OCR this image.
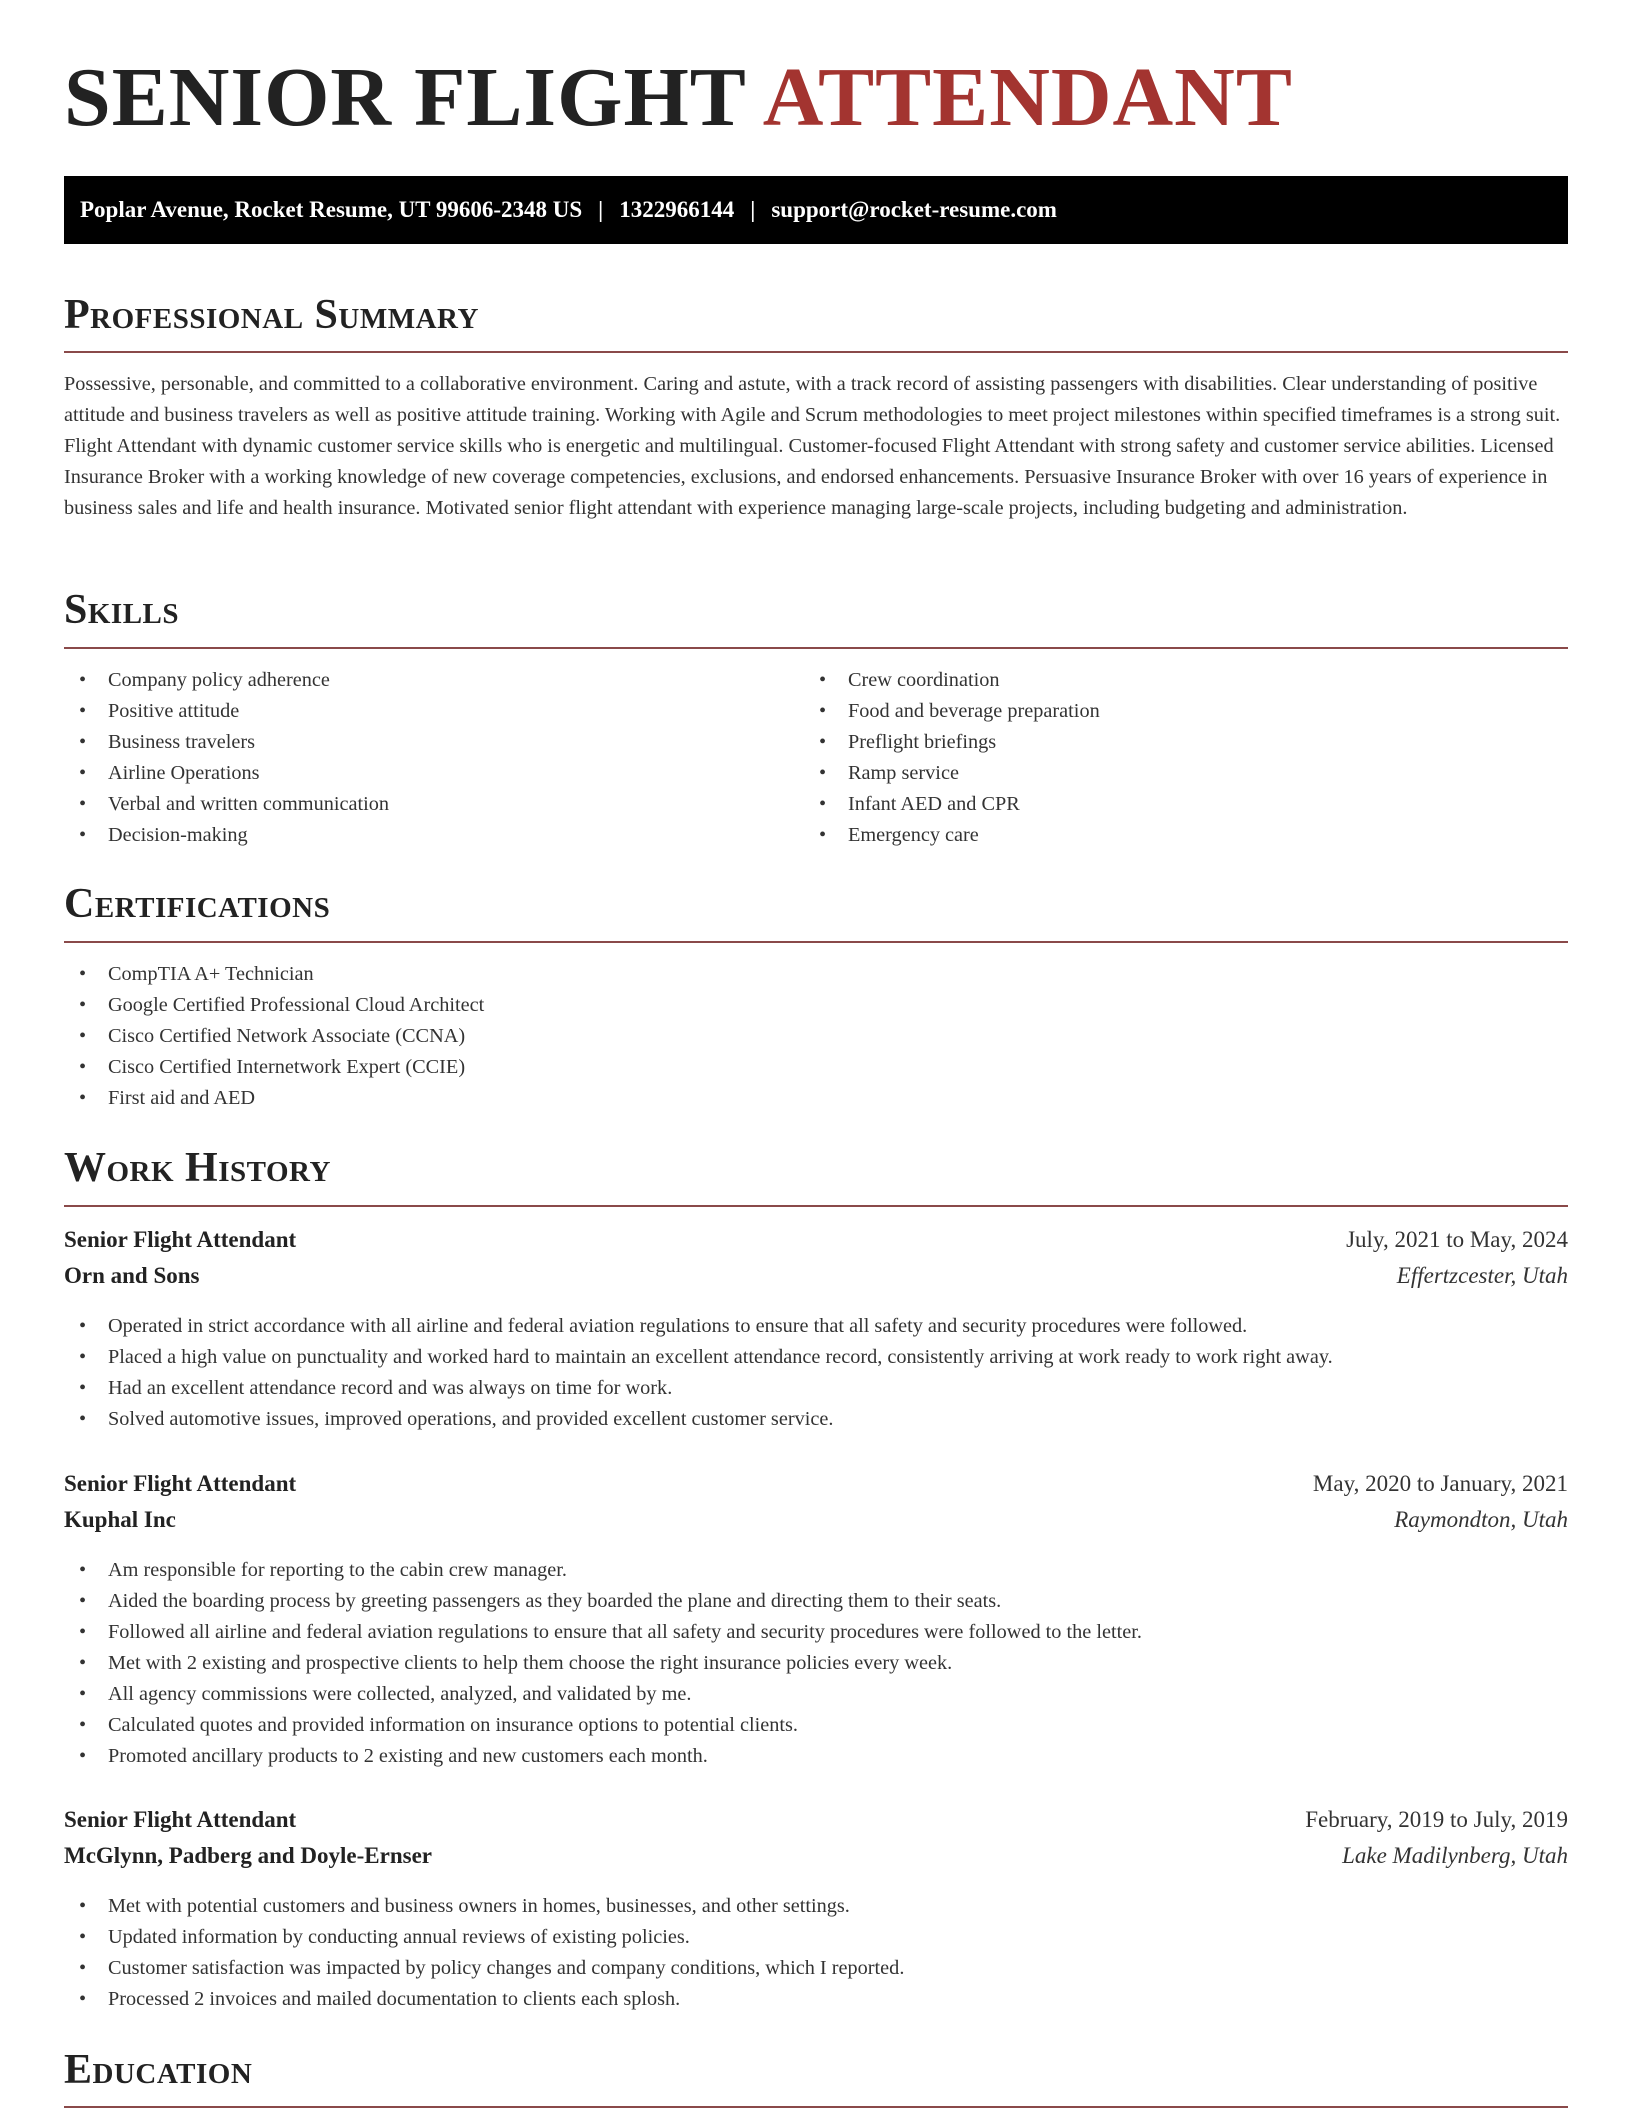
SENIOR FLIGHT ATTENDANT
Poplar Avenue, Rocket Resume, UT 99606-2348 US | 1322966144 | support@rocket-resume.com
Professional Summary

Possessive, personable, and committed to a collaborative environment. Caring and astute, with a track record of assisting passengers with disabilities. Clear understanding of positive attitude and business travelers as well as positive attitude training. Working with Agile and Scrum methodologies to meet project milestones within specified timeframes is a strong suit. Flight Attendant with dynamic customer service skills who is energetic and multilingual. Customer-focused Flight Attendant with strong safety and customer service abilities. Licensed Insurance Broker with a working knowledge of new coverage competencies, exclusions, and endorsed enhancements. Persuasive Insurance Broker with over 16 years of experience in business sales and life and health insurance. Motivated senior flight attendant with experience managing large-scale projects, including budgeting and administration.

Skills
• Company policy adherence
• Positive attitude
• Business travelers
• Airline Operations
• Verbal and written communication
• Decision-making
• Crew coordination
• Food and beverage preparation
• Preflight briefings
• Ramp service
• Infant AED and CPR
• Emergency care
Certifications
• CompTIA A+ Technician
• Google Certified Professional Cloud Architect
• Cisco Certified Network Associate (CCNA)
• Cisco Certified Internetwork Expert (CCIE)
• First aid and AED
Work History
Senior Flight Attendant	July, 2021 to May, 2024
Orn and Sons	Effertzcester, Utah
• Operated in strict accordance with all airline and federal aviation regulations to ensure that all safety and security procedures were followed.
• Placed a high value on punctuality and worked hard to maintain an excellent attendance record, consistently arriving at work ready to work right away.
• Had an excellent attendance record and was always on time for work.
• Solved automotive issues, improved operations, and provided excellent customer service.
Senior Flight Attendant	May, 2020 to January, 2021
Kuphal Inc	Raymondton, Utah
• Am responsible for reporting to the cabin crew manager.
• Aided the boarding process by greeting passengers as they boarded the plane and directing them to their seats.
• Followed all airline and federal aviation regulations to ensure that all safety and security procedures were followed to the letter.
• Met with 2 existing and prospective clients to help them choose the right insurance policies every week.
• All agency commissions were collected, analyzed, and validated by me.
• Calculated quotes and provided information on insurance options to potential clients.
• Promoted ancillary products to 2 existing and new customers each month.
Senior Flight Attendant	February, 2019 to July, 2019
McGlynn, Padberg and Doyle-Ernser	Lake Madilynberg, Utah
• Met with potential customers and business owners in homes, businesses, and other settings.
• Updated information by conducting annual reviews of existing policies.
• Customer satisfaction was impacted by policy changes and company conditions, which I reported.
• Processed 2 invoices and mailed documentation to clients each splosh.
Education
